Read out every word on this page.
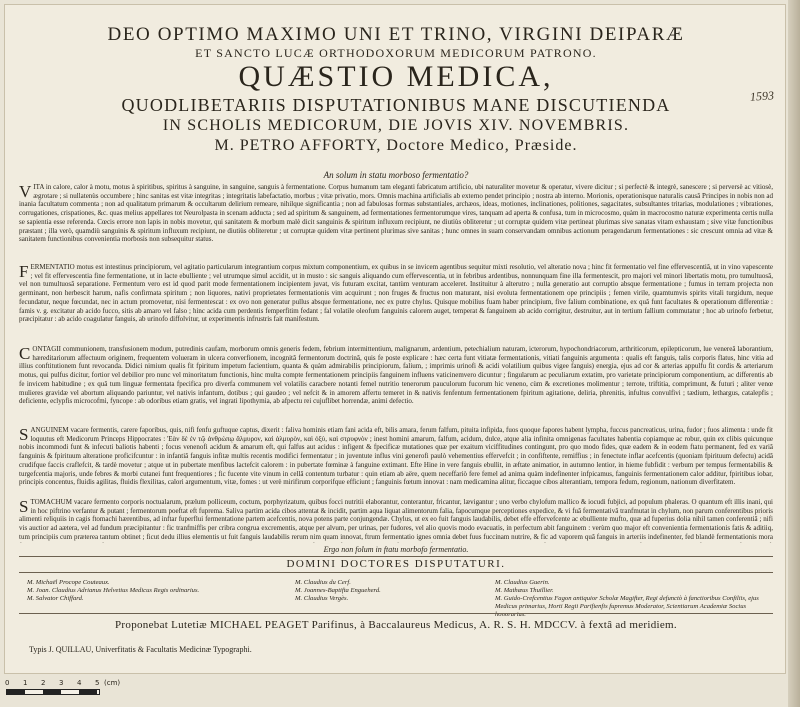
1593
DEO OPTIMO MAXIMO UNI ET TRINO, VIRGINI DEIPARÆ
ET SANCTO LUCÆ ORTHODOXORUM MEDICORUM PATRONO.
QUÆSTIO MEDICA,
QUODLIBETARIIS DISPUTATIONIBUS MANE DISCUTIENDA
IN SCHOLIS MEDICORUM, DIE JOVIS XIV. NOVEMBRIS.
M. PETRO AFFORTY, Doctore Medico, Præside.
An solum in statu morboso fermentatio?
V ITA in calore, calor à motu, motus à spiritibus, spiritus à sanguine, in sanguine, sanguis à fermentatione. Corpus humanum tam eleganti fabricatum artificio, ubi naturaliter movetur & operatur, vivere dicitur ; si perfectè & integrè, sanescere ; si perversè ac vitiosè, ægrotare ; si nullatenùs occumbere ; hinc sanitas est vitæ integritas ; integritatis labefactatio, morbus ; vitæ privatio, mors. Omnis machina artificialis ab externo pendet principio ; nostra ab interno. Morionis, operationisque naturalis causâ Principes in nobis non ad inania facultatum commenta ; non ad qualitatum primarum & occultarum delirium remeare, nihilque significantia ; non ad fabulosas formas substantiales, archæos, ideas, motiones, inclinationes, politiones, sagacitates, subsultantes tritarias, modulationes ; vibrationes, corrugationes, crispationes, &c. quas melius appellares tot Neurolpasta in scenam adducta ; sed ad spiritum & sanguinem, ad fermentationes fermentorumque vires, tanquam ad aperta & confusa, tum in microcosmo, quàm in macrocosmo naturæ experimenta certis nulla se sapientia esse referenda. Cœcis errore non lapis in nobis movetur, qui sanitatem & morbum malè dicit sanguinis & spiritum influxum recipiunt, ne diutiùs obliteretur ; ut corruptæ quidem vitæ pertineat plurimas sive sanatas vitam exhaustam ; sive vitæ functionibus præstant ; illa verò, quamdiù sanguinis & spiritum influxum recipiunt, ne diutiùs obliteretur ; ut corruptæ quidem vitæ pertinent plurimas sive sanitas ; hunc omnes in suam conservandam omnibus actionum peragendarum fermentationes : sic crescunt omnia ad vitæ & sanitatem functionibus convenientia morbosis non subsequitur status.
F ERMENTATIO motus est intestinus principiorum, vel agitatio particularum integrantium corpus mixtum componentium, ex quibus in se invicem agentibus sequitur mixti resolutio, vel alteratio nova ; hinc fit fermentatio vel fine effervescentiâ, ut in vino vapescente ; vel fit effervescentia fine fermentatione, ut in lacte ebulliente ; vel utrumque simul accidit, ut in musto : sic sanguis aliquando cum effervescentia, ut in febribus ardentibus, nonnunquam fine illa fermentescit, pro majori vel minori libertatis motu, pro tumultuosâ, vel non tumultuosâ separatione. Fermentum vero est id quod parit mode fermentationem incipientem juvat, vis futuram excitat, tantùm venturam acceleret. Instituitur à alterutro ; nulla generatio aut corruptio absque fermentatione ; fumus in terram projecta non germinant, non herbescit harum, nafis confirmata spiritum ; non liquores, nativi proprietates fermentationis vim acquirunt ; non fruges & fructus non maturant, nisi evoluta fermentationem ope principiis ; femen virile, quamtumvis spirits vitali turgidum, neque fecundatur, neque fœcundat, nec in actum promovetur, nisi fermentescat : ex ovo non generatur pullus absque fermentatione, nec ex putre chylus. Quisque mobilius fuam haber principium, five falium combinatione, ex quâ funt facultates & operationum differentiæ : famis v. g. excitatur ab acido fucco, sitis ab amaro vel falso ; hinc acida cum perdentis femperfitim fedant ; fal volatile oleofum fanguinis calorem auget, temperat & fanguinem ab acido corrigitur, destruitur, aut in tertium fallium commutatur ; hoc ab urinofo ferbetur, præcipitatur : ab acido coagulatur fanguis, ab urinofo diffolvitur, ut experimentis infrustris fait manifestum.
C ONTAGII communionem, transfusionem modum, putredinis caufam, morborum omnis generis fedem, febrium intermittentium, malignarum, ardentium, petechialium naturam, icterorum, hypochondriacorum, arthriticorum, epilepticorum, lue venereâ laborantium, hæreditariorum affectuum originem, frequentem volueram in ulcera converfionem, incognitâ fermentorum doctrinâ, quis fe poste explicare : hæc certa funt vitiatæ fermentationis, vitiati fanguinis argumenta : qualis eft fanguis, talis corporis flatus, hinc vitia ad illius conftitutionem funt revocanda. Didici nimium qualis fit fpiritum impetum facientium, quanta & quàm admirabilis principiorum, falium, ; imprimis urinofi & acidi volatilium quibus vigee fanguis) energia, ejus ad cor & arterias appulfu fit cordis & arteriarum motus, qui pulfus dicitur, fortior vel debilior pro nunc vel minoritatum functionis, hinc multa compte fermentationem principiis fanguinem influens vaticinemvero dicuntur ; fingularum ac peculiarum extatim, pro varietate principiorum componentium, ac differentis ab fe invicem habitudine ; ex quâ tum linguæ fermentata fpecifica pro diverfa communem vel volatilis caracbere notanti femel nutritio tenerorum pauculorum fucorum hic veneno, cùm & excretiones molimentur ; terrote, triftitia, comprimunt, & futuri ; aliter venœ mulieres gravidæ vel abortum aliquando pariuntur, vel nativis infantum, dotibus ; qui gaudeo ; vel nefcit & in amorem affertu temeret in & nativis fenfentum fermentationem fpiritum agitatione, deliria, phrenitis, infultus convulfivi ; tædium, lethargus, catalepfis ; deficiente, eclypfis microcofmi, fyncope : ab odoribus etiam gratis, vel ingrati lipothymia, ab afpectu rei cujuflibet horrendæ, animi defectio.
S ANGUINEM vacare fermentis, carere faporibus, quis, nifi fenfu guftuque captus, dixerit : faliva hominis etiam fani acida eft, bilis amara, ferum falfum, pituita infipida, fuos quoque fapores habent lympha, fuccus pancreaticus, urina, fudor ; fuos alimenta : unde fit loquutus eft Medicorum Princeps Hippocrates : Ἐὰν δὲ ἐν τῷ ἀνθρώπῳ ἄλμυρον, καὶ ἁλμυρὸν, καὶ ὀξὺ, καὶ στρυφνὸν ; inest homini amarum, falfum, acidum, dulce, atque alia infinita omnigenas facultates habentia copiamque ac robur, quin ex clibis quicunque nobis incommodi funt & infecuti baliotis habenti ; focus venenofi acidum & amarum eft, qui falfus aut acidus : infigent & fpecificæ mutationes quæ per exaitum viciffitudines contingunt, pro quo modo fides, quæ eadem & in eodem ftatu permanent, fed ex variâ fanguinis & fpirituum alteratione proficifcuntur : in infantiâ fanguis infitæ multis recentis modifici fermentatur ; in juventute influs vini generofi paulò vehementius effervefcit ; in confiftente, remiffius ; in fenectute inflar acefcentis (quoniam fpirituum defectu) acidâ crudifque faccis craflefcit, & tardè movetur ; atque ut in pubertate menfibus lactefcit calorem : in pubertate fœminæ à fanguine extimant. Efte Hine in vere fanguis ebullit, in æftate animatior, in autumno lentior, in hieme fubfidit : verbum per tempus fermentabilis & turgefcentia majoris, unde febres & morbi cutanei funt frequentiores ; fic fucente vite vinum in cellâ contentum turbatur : quin etiam ab aëre, quem neceffariò fere femel ad anima quàm indefinenter infpicamus, fanguinis fermentationem calor additur, fpiritibus iobar, principis concentus, fluidis agilitas, fluidis flexilitas, calori argumentum, vitæ, fomes : ut verè mirifirum corporifque efficiunt ; fanguinis fœtum innovat : nam medicamina alitur, ficcaque cibos alterantiam, tempora fedum, regionum, nationum diverfitatem.
S TOMACHUM vacare fermento corporis noctualarum, prælum polliceum, coctum, porphyrizatum, quibus focci nutritii elaborantur, conterantur, fricantur, lævigantur ; uno verbo chylofum mallico & iocudi fubjici, ad populum phaleras. O quantum eft illis inani, qui in hoc piftrino verfantur & putant ; fermentorum poeftat eft fuprema. Saliva partim acida cibos attentat & incidit, partim aqua liquat alimentorum falia, fapocumque perceptiones expedice, & vi fuâ fermentativâ tranfmutat in chylum, non parum conferentibus prioris alimenti reliquiis in cagis ftomachi hærentibus, ad inftar fuperflui fermentatione partem acefcentis, nova potens parte conjungendæ. Chylus, ut ex eo fuit fanguis laudabilis, debet effe effervefcente ac ebulliente mufto, quæ ad fuperius dolia nihil tamen conferentiâ ; nifi vis auctior ad aætera, vel ad fundum præcipitantur : fic tranfmiffis per cribra congrua excrementis, atque per alvum, per urinas, per fudores, vel alio quovis modo evacuatis, in perfectum abit fanguinem : verùm quo major eft convenientia fermentationis fatis & aditiiq, tum principiis cum præterea tantum obtinet ; ficut dedu illius elementis ut fuit fanguis laudabilis rerum nim quam innovat, ftrum fermentatio ignes omnia debet fuus fuccinam nutrire, & fic ad vaporem quâ fanguis in arteriis indefinenter, fed blandè fermentationis mora
Ergo non folum in ftatu morbofo fermentatio.
DOMINI DOCTORES DISPUTATURI.
M. Michaël Procope Couteaux.
M. Joan. Claudius Adrianus Helvetius Medicus Regis ordinarius.
M. Salvator Chiffard.
M. Claudius du Cerf.
M. Joannes-Baptifta Engueherd.
M. Claudius Vergès.
M. Claudius Guerin.
M. Mathæus Thuillier.
M. Guido-Crefcentius Fagon antiquior Scholæ Magifter, Regi defunctò à fanctioribus Confiliis, ejus Medicus primarius, Horti Regii Parifienfis fupremus Moderator, Scientiarum Academiæ Socius honorarius.
Proponebat Lutetiæ MICHAEL PEAGET Parifinus, à Baccalaureus Medicus, A. R. S. H. MDCCV. à fextâ ad meridiem.
Typis J. QUILLAU, Univerfitatis & Facultatis Medicinæ Typographi.
0 1 2 3 4 5 (cm)
